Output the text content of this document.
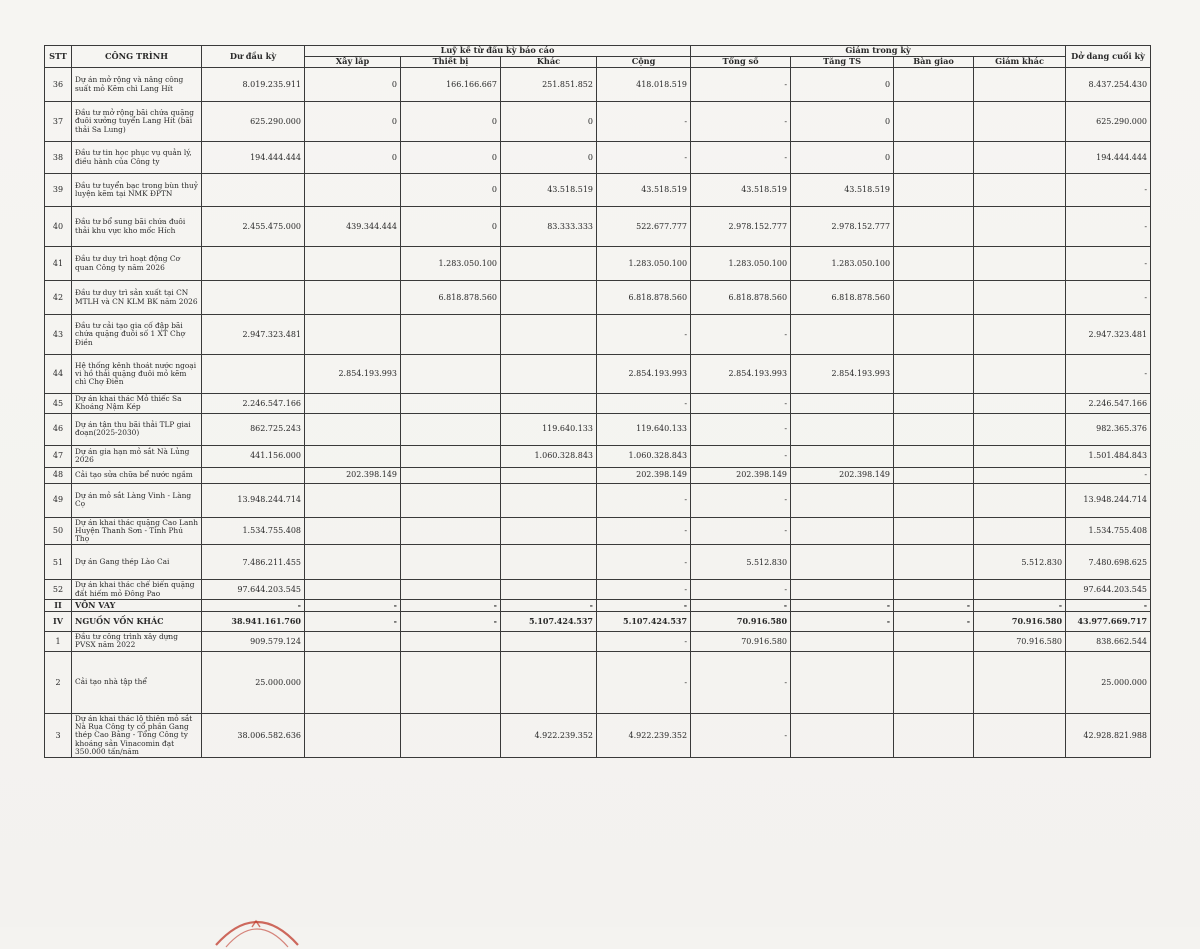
STT	CÔNG TRÌNH	Dư đầu kỳ	Luỹ kế từ đầu kỳ báo cáo				Giảm trong kỳ				Dở dang cuối kỳ
			Xây lắp	Thiết bị	Khác	Cộng	Tổng số	Tăng TS	Bàn giao	Giảm khác	
36	Dự án mở rộng và nâng công suất mỏ Kẽm chì Lang Hít	8.019.235.911	0	166.166.667	251.851.852	418.018.519	-	0			8.437.254.430
37	Đầu tư mở rộng bãi chứa quặng đuôi xưởng tuyển Lang Hít (bãi thải Sa Lung)	625.290.000	0	0	0	-	-	0			625.290.000
38	Đầu tư tin học phục vụ quản lý, điều hành của Công ty	194.444.444	0	0	0	-	-	0			194.444.444
39	Đầu tư tuyển bạc trong bùn thuỷ luyện kẽm tại NMK ĐPTN			0	43.518.519	43.518.519	43.518.519	43.518.519			-
40	Đầu tư bổ sung bãi chứa đuôi thải khu vực kho mốc Hích	2.455.475.000	439.344.444	0	83.333.333	522.677.777	2.978.152.777	2.978.152.777			-
41	Đầu tư duy trì hoạt động Cơ quan Công ty năm 2026			1.283.050.100		1.283.050.100	1.283.050.100	1.283.050.100			-
42	Đầu tư duy trì sản xuất tại CN MTLH và CN KLM BK năm 2026			6.818.878.560		6.818.878.560	6.818.878.560	6.818.878.560			-
43	Đầu tư cải tạo gia cố đập bãi chứa quặng đuôi số 1 XT Chợ Điền	2.947.323.481				-	-				2.947.323.481
44	Hệ thống kênh thoát nước ngoại vi hồ thải quặng đuôi mỏ kẽm chì Chợ Điền		2.854.193.993			2.854.193.993	2.854.193.993	2.854.193.993			-
45	Dự án khai thác Mỏ thiếc Sa Khoáng Nậm Kép	2.246.547.166				-	-				2.246.547.166
46	Dự án tận thu bãi thải TLP giai đoạn(2025-2030)	862.725.243			119.640.133	119.640.133	-				982.365.376
47	Dự án gia hạn mỏ sắt Nà Lủng 2026	441.156.000			1.060.328.843	1.060.328.843	-				1.501.484.843
48	Cải tạo sửa chữa bể nước ngầm		202.398.149			202.398.149	202.398.149	202.398.149			-
49	Dự án mỏ sắt Làng Vinh - Làng Cọ	13.948.244.714				-	-				13.948.244.714
50	Dự án khai thác quặng Cao Lanh Huyện Thanh Sơn - Tỉnh Phú Thọ	1.534.755.408				-	-				1.534.755.408
51	Dự án Gang thép Lào Cai	7.486.211.455				-	5.512.830			5.512.830	7.480.698.625
52	Dự án khai thác chế biến quặng đất hiếm mỏ Đông Pao	97.644.203.545				-	-				97.644.203.545
II	VỐN VAY	-	-	-	-	-	-	-	-	-	-
IV	NGUỒN VỐN KHÁC	38.941.161.760	-	-	5.107.424.537	5.107.424.537	70.916.580	-	-	70.916.580	43.977.669.717
1	Đầu tư công trình xây dựng PVSX năm 2022	909.579.124				-	70.916.580			70.916.580	838.662.544
2	Cải tạo nhà tập thể	25.000.000				-	-				25.000.000
3	Dự án khai thác lộ thiên mỏ sắt Nà Rụa Công ty cổ phần Gang thép Cao Bằng - Tổng Công ty khoáng sản Vinacomin đạt 350.000 tấn/năm	38.006.582.636			4.922.239.352	4.922.239.352	-				42.928.821.988
